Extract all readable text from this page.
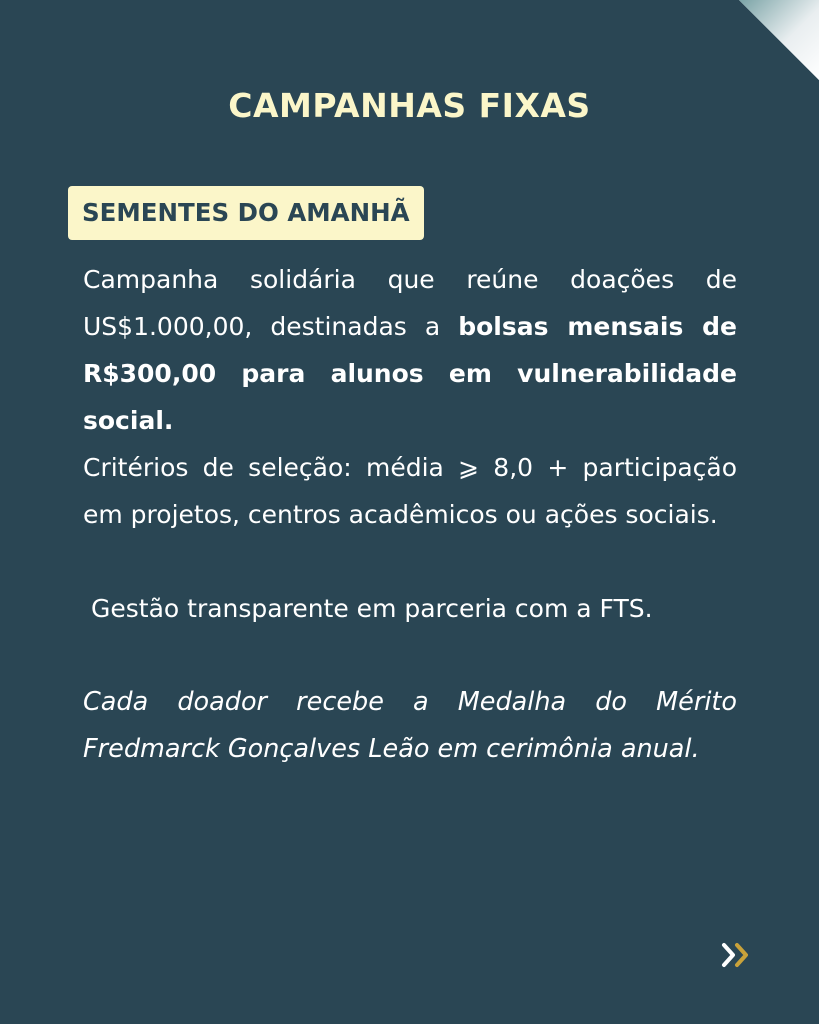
CAMPANHAS FIXAS
SEMENTES DO AMANHÃ

Campanha solidária que reúne doações de US$1.000,00, destinadas a bolsas mensais de R$300,00 para alunos em vulnerabilidade social.

Critérios de seleção: média ⩾ 8,0 + participação em projetos, centros acadêmicos ou ações sociais.

Gestão transparente em parceria com a FTS.

Cada doador recebe a Medalha do Mérito Fredmarck Gonçalves Leão em cerimônia anual.
